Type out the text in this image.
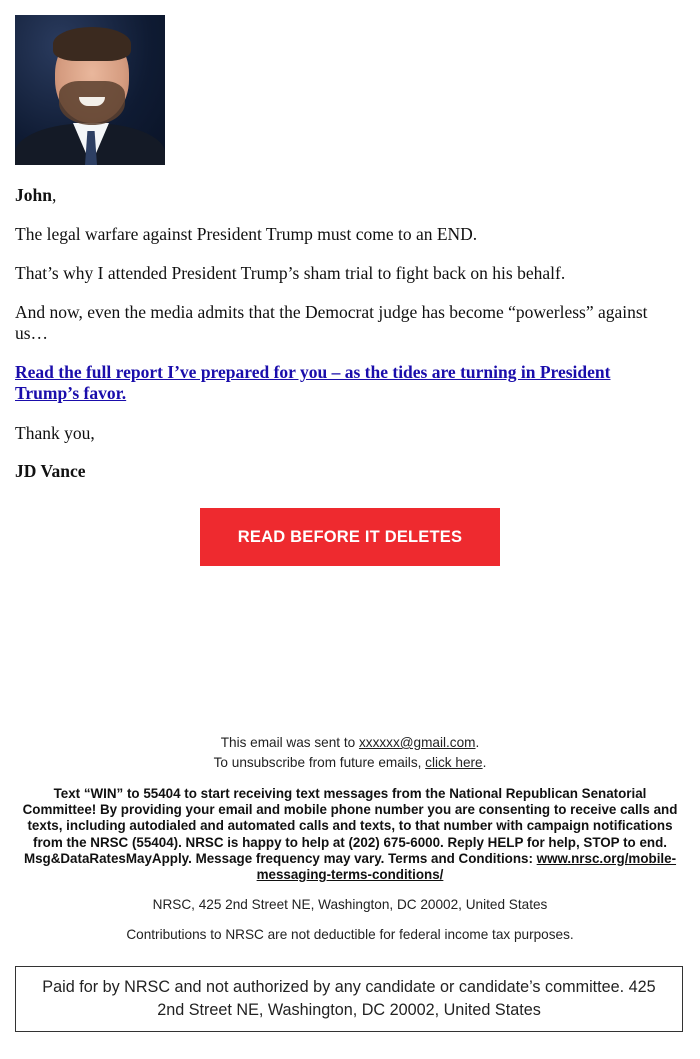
John,

The legal warfare against President Trump must come to an END.

That’s why I attended President Trump’s sham trial to fight back on his behalf.

And now, even the media admits that the Democrat judge has become “powerless” against us…

Read the full report I’ve prepared for you – as the tides are turning in President Trump’s favor.

Thank you,

JD Vance

READ BEFORE IT DELETES
This email was sent to xxxxxx@gmail.com.
To unsubscribe from future emails, click here.
Text “WIN” to 55404 to start receiving text messages from the National Republican Senatorial Committee! By providing your email and mobile phone number you are consenting to receive calls and texts, including autodialed and automated calls and texts, to that number with campaign notifications from the NRSC (55404). NRSC is happy to help at (202) 675-6000. Reply HELP for help, STOP to end. Msg&DataRatesMayApply. Message frequency may vary. Terms and Conditions: www.nrsc.org/mobile-messaging-terms-conditions/
NRSC, 425 2nd Street NE, Washington, DC 20002, United States
Contributions to NRSC are not deductible for federal income tax purposes.
Paid for by NRSC and not authorized by any candidate or candidate’s committee. 425 2nd Street NE, Washington, DC 20002, United States
